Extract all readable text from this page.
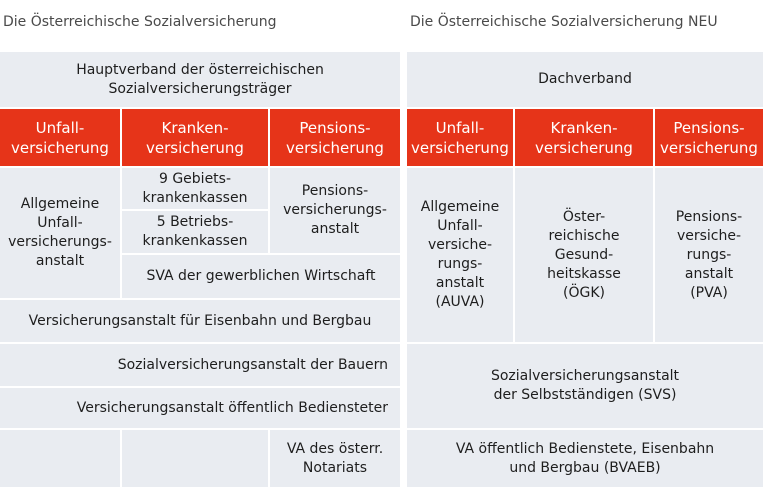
Die Österreichische Sozialversicherung	Die Österreichische Sozialversicherung NEU
Hauptverband der österreichischen
Sozialversicherungsträger
Unfall-
versicherung
Kranken-
versicherung
Pensions-
versicherung
Allgemeine
Unfall-
versicherungs-
anstalt
9 Gebiets-
krankenkassen
5 Betriebs-
krankenkassen
Pensions-
versicherungs-
anstalt
SVA der gewerblichen Wirtschaft
Versicherungsanstalt für Eisenbahn und Bergbau
Sozialversicherungsanstalt der Bauern
Versicherungsanstalt öffentlich Bediensteter
VA des österr.
Notariats
Dachverband
Unfall-
versicherung
Kranken-
versicherung
Pensions-
versicherung
Allgemeine
Unfall-
versiche-
rungs-
anstalt
(AUVA)
Öster-
reichische
Gesund-
heitskasse
(ÖGK)
Pensions-
versiche-
rungs-
anstalt
(PVA)
Sozialversicherungsanstalt
der Selbstständigen (SVS)
VA öffentlich Bedienstete, Eisenbahn
und Bergbau (BVAEB)
